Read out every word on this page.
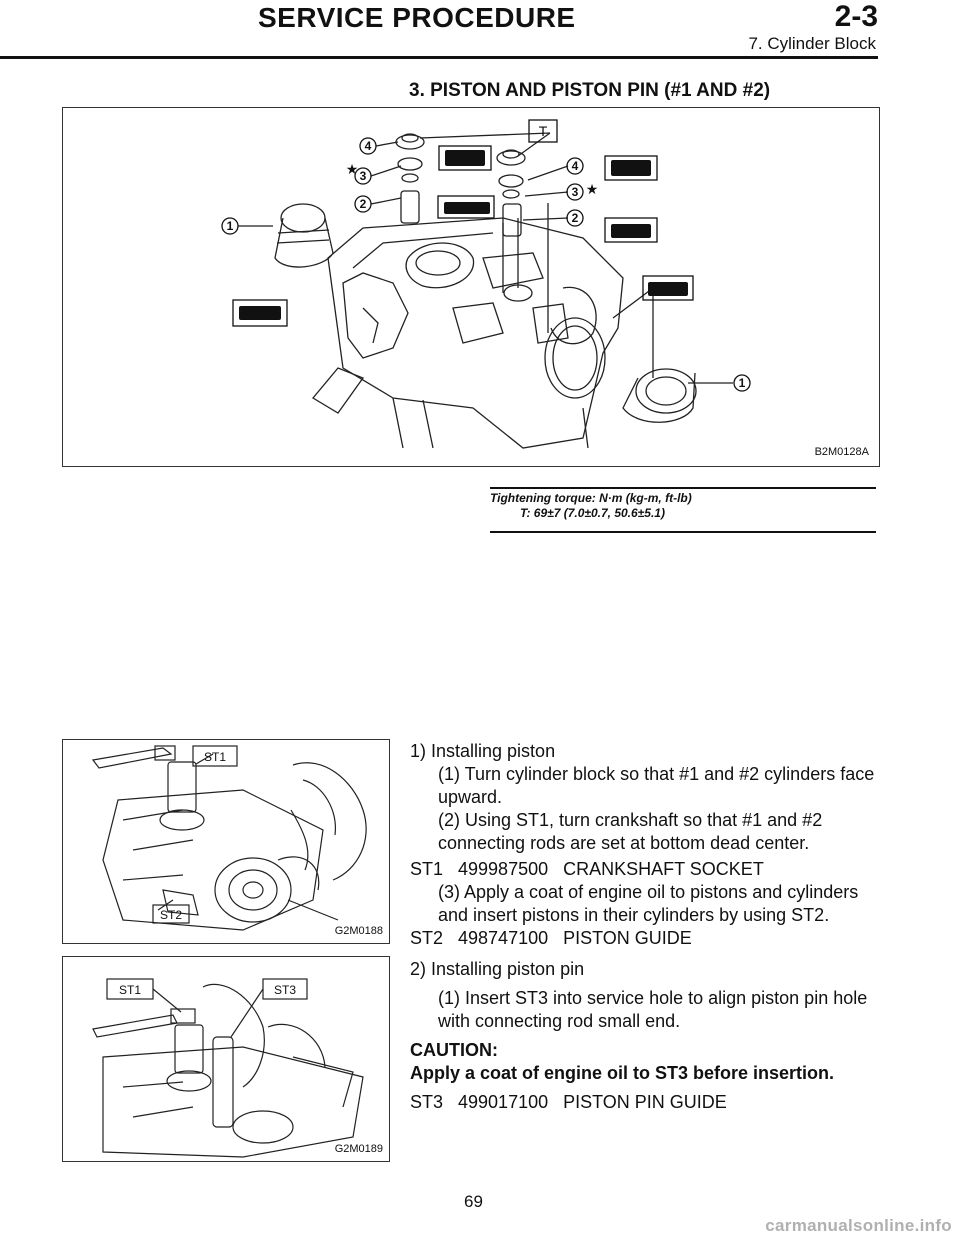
SERVICE PROCEDURE	2-3
7. Cylinder Block
3. PISTON AND PISTON PIN (#1 AND #2)
1
4
3
2
T
4
3
2
1
★
★
B2M0128A
Tightening torque: N·m (kg-m, ft-lb)
T: 69±7 (7.0±0.7, 50.6±5.1)
ST1
ST2
G2M0188
1) Installing piston
(1) Turn cylinder block so that #1 and #2 cylinders face upward.
(2) Using ST1, turn crankshaft so that #1 and #2 connecting rods are set at bottom dead center.
ST1   499987500   CRANKSHAFT SOCKET
(3) Apply a coat of engine oil to pistons and cylinders and insert pistons in their cylinders by using ST2.
ST2   498747100   PISTON GUIDE
ST1	ST3
G2M0189
2) Installing piston pin
(1) Insert ST3 into service hole to align piston pin hole with connecting rod small end.
CAUTION:
Apply a coat of engine oil to ST3 before insertion.
ST3   499017100   PISTON PIN GUIDE
69
carmanualsonline.info
